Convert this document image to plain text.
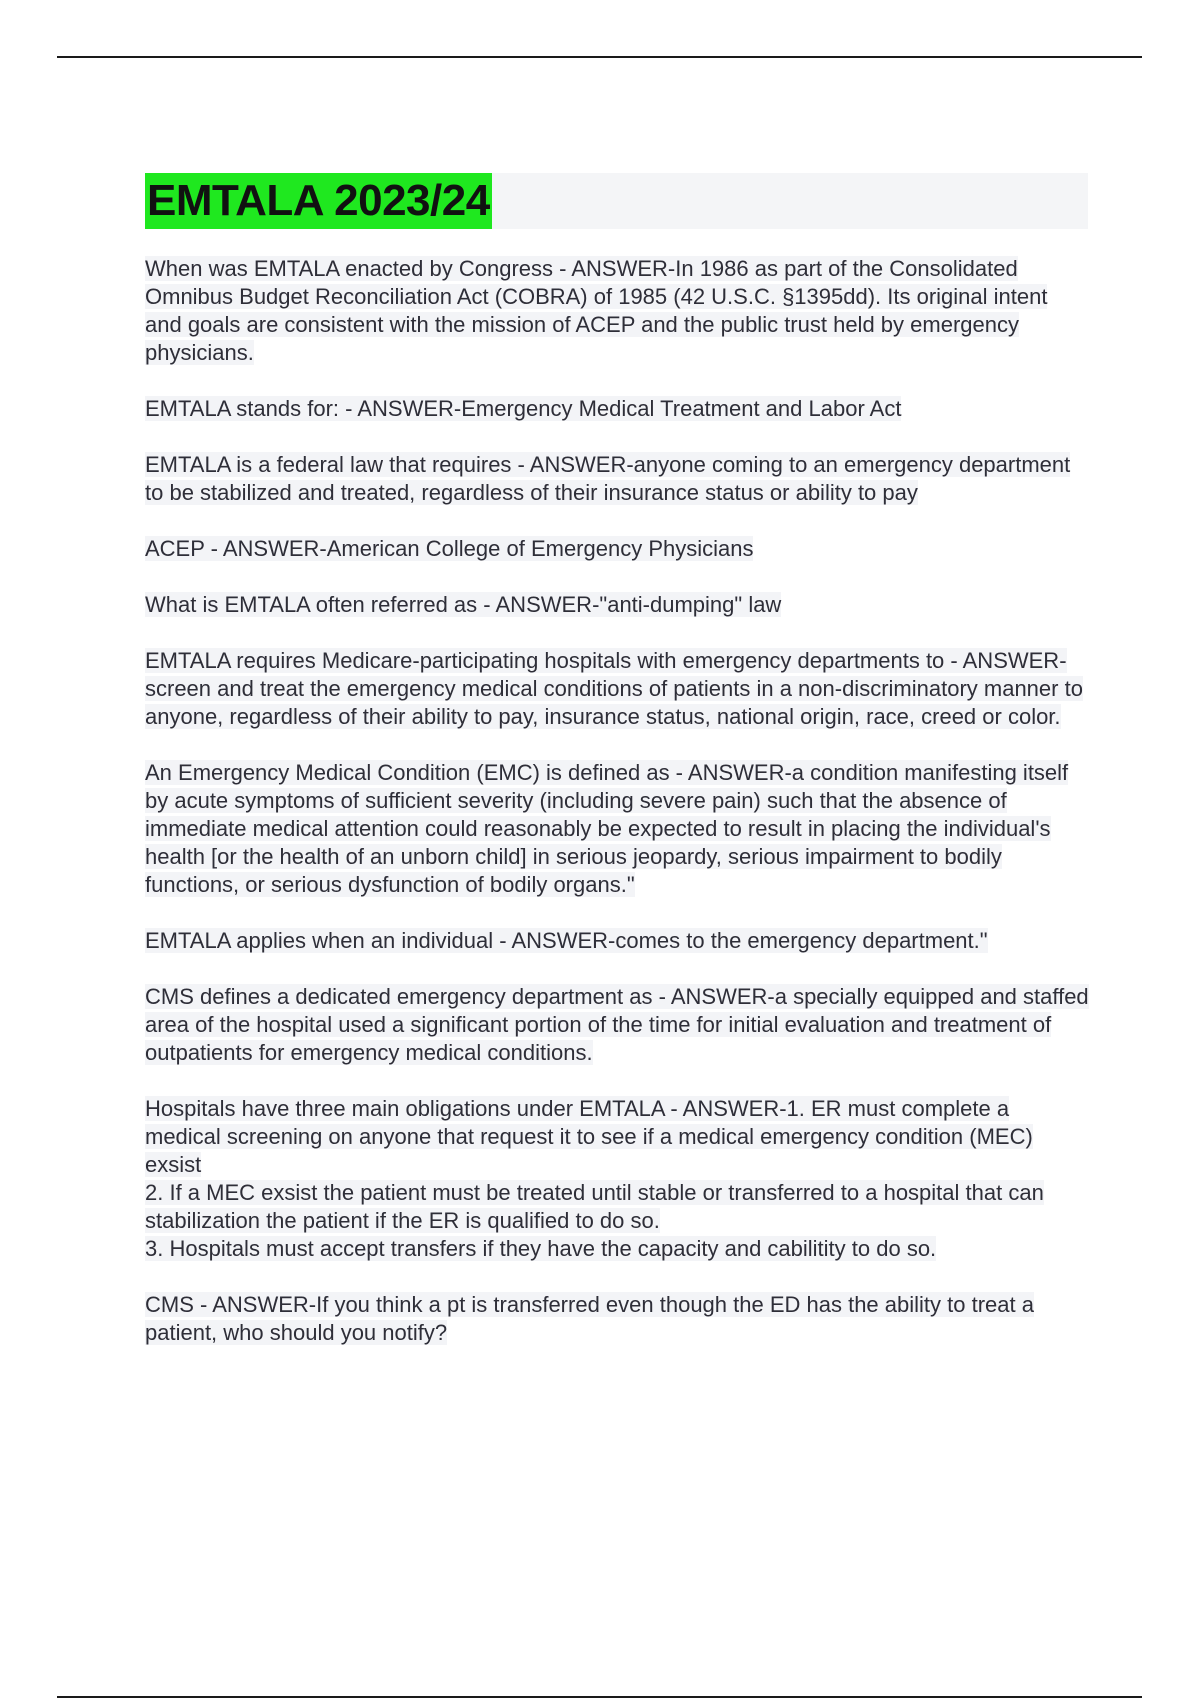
EMTALA 2023/24

When was EMTALA enacted by Congress - ANSWER-In 1986 as part of the Consolidated Omnibus Budget Reconciliation Act (COBRA) of 1985 (42 U.S.C. §1395dd). Its original intent and goals are consistent with the mission of ACEP and the public trust held by emergency physicians.

EMTALA stands for: - ANSWER-Emergency Medical Treatment and Labor Act

EMTALA is a federal law that requires - ANSWER-anyone coming to an emergency department to be stabilized and treated, regardless of their insurance status or ability to pay

ACEP - ANSWER-American College of Emergency Physicians

What is EMTALA often referred as - ANSWER-"anti-dumping" law

EMTALA requires Medicare-participating hospitals with emergency departments to - ANSWER-screen and treat the emergency medical conditions of patients in a non-discriminatory manner to anyone, regardless of their ability to pay, insurance status, national origin, race, creed or color.

An Emergency Medical Condition (EMC) is defined as - ANSWER-a condition manifesting itself by acute symptoms of sufficient severity (including severe pain) such that the absence of immediate medical attention could reasonably be expected to result in placing the individual's health [or the health of an unborn child] in serious jeopardy, serious impairment to bodily functions, or serious dysfunction of bodily organs."

EMTALA applies when an individual - ANSWER-comes to the emergency department."

CMS defines a dedicated emergency department as - ANSWER-a specially equipped and staffed area of the hospital used a significant portion of the time for initial evaluation and treatment of outpatients for emergency medical conditions.

Hospitals have three main obligations under EMTALA - ANSWER-1. ER must complete a medical screening on anyone that request it to see if a medical emergency condition (MEC) exsist
2. If a MEC exsist the patient must be treated until stable or transferred to a hospital that can stabilization the patient if the ER is qualified to do so.
3. Hospitals must accept transfers if they have the capacity and cabilitity to do so.

CMS - ANSWER-If you think a pt is transferred even though the ED has the ability to treat a patient, who should you notify?
